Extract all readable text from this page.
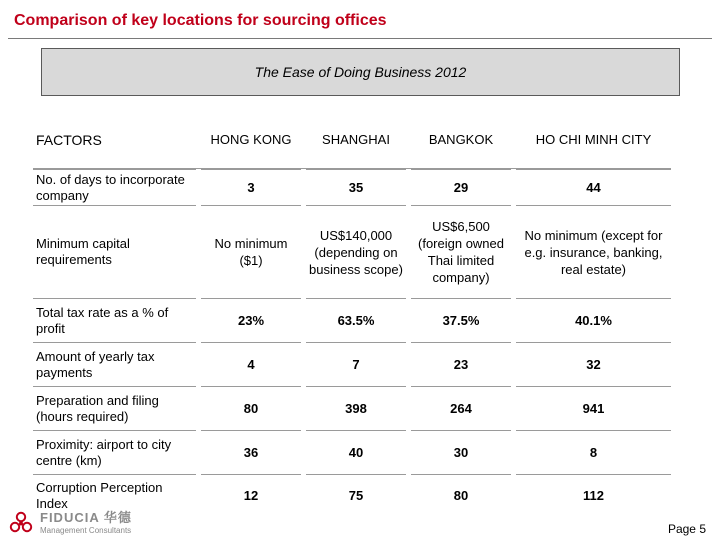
Comparison of key locations for sourcing offices
The Ease of Doing Business 2012
FACTORS		HONG KONG		SHANGHAI		BANGKOK		HO CHI MINH CITY
No. of days to incorporate company		3		35		29		44
Minimum capital requirements		No minimum ($1)		US$140,000 (depending on business scope)		US$6,500 (foreign owned Thai limited company)		No minimum (except for e.g. insurance, banking, real estate)
Total tax rate as a % of profit		23%		63.5%		37.5%		40.1%
Amount of yearly tax payments		4		7		23		32
Preparation and filing (hours required)		80		398		264		941
Proximity: airport to city centre (km)		36		40		30		8
Corruption Perception Index		12		75		80		112
FIDUCIA 华德
Management Consultants	Page 5
